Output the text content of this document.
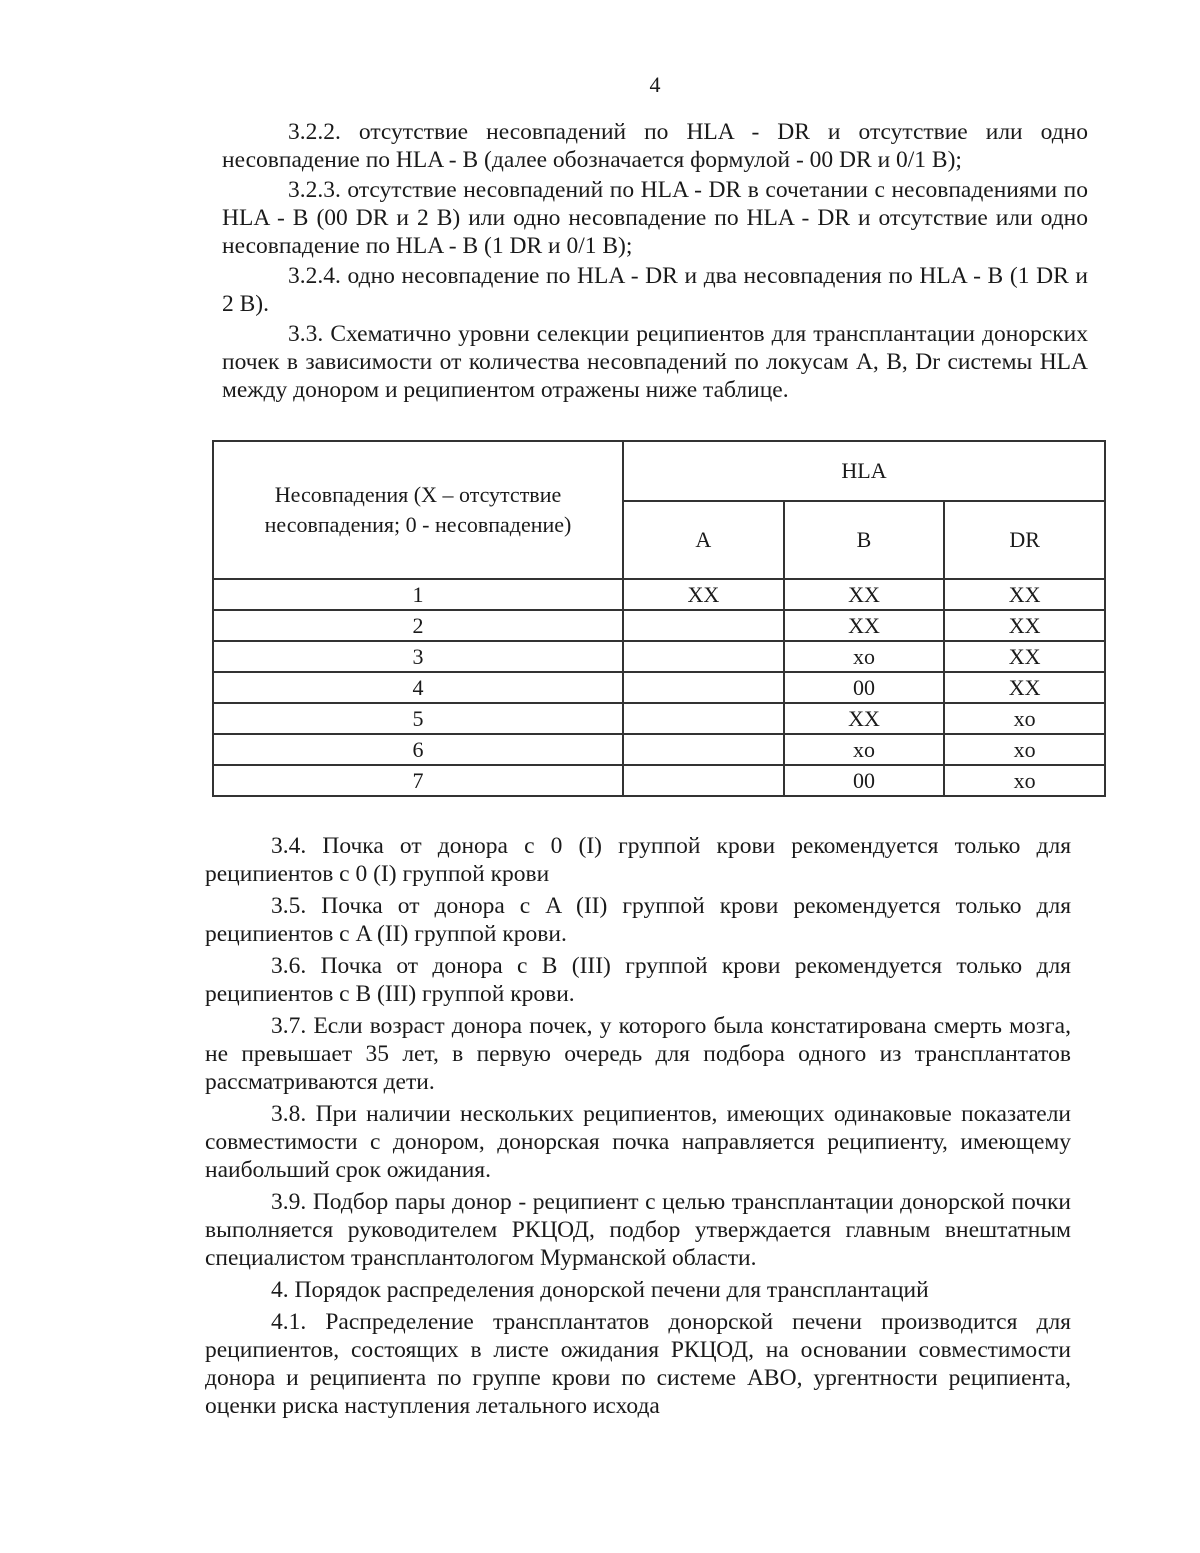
4

3.2.2. отсутствие несовпадений по HLA - DR и отсутствие или одно несовпадение по HLA - B (далее обозначается формулой - 00 DR и 0/1 B);

3.2.3. отсутствие несовпадений по HLA - DR в сочетании с несовпадениями по HLA - B (00 DR и 2 B) или одно несовпадение по HLA - DR и отсутствие или одно несовпадение по HLA - B (1 DR и 0/1 B);

3.2.4. одно несовпадение по HLA - DR и два несовпадения по HLA - B (1 DR и 2 B).

3.3. Схематично уровни селекции реципиентов для трансплантации донорских почек в зависимости от количества несовпадений по локусам A, B, Dr системы HLA между донором и реципиентом отражены ниже таблице.

Несовпадения (X – отсутствие несовпадения; 0 - несовпадение)	HLA		
	A	B	DR
1	XX	XX	XX
2		XX	XX
3		xo	XX
4		00	XX
5		XX	xo
6		xo	xo
7		00	xo

3.4. Почка от донора с 0 (I) группой крови рекомендуется только для реципиентов с 0 (I) группой крови

3.5. Почка от донора с A (II) группой крови рекомендуется только для реципиентов с A (II) группой крови.

3.6. Почка от донора с B (III) группой крови рекомендуется только для реципиентов с B (III) группой крови.

3.7. Если возраст донора почек, у которого была констатирована смерть мозга, не превышает 35 лет, в первую очередь для подбора одного из трансплантатов рассматриваются дети.

3.8. При наличии нескольких реципиентов, имеющих одинаковые показатели совместимости с донором, донорская почка направляется реципиенту, имеющему наибольший срок ожидания.

3.9. Подбор пары донор - реципиент с целью трансплантации донорской почки выполняется руководителем РКЦОД, подбор утверждается главным внештатным специалистом трансплантологом Мурманской области.

4. Порядок распределения донорской печени для трансплантаций

4.1. Распределение трансплантатов донорской печени производится для реципиентов, состоящих в листе ожидания РКЦОД, на основании совместимости донора и реципиента по группе крови по системе ABO, ургентности реципиента, оценки риска наступления летального исхода
